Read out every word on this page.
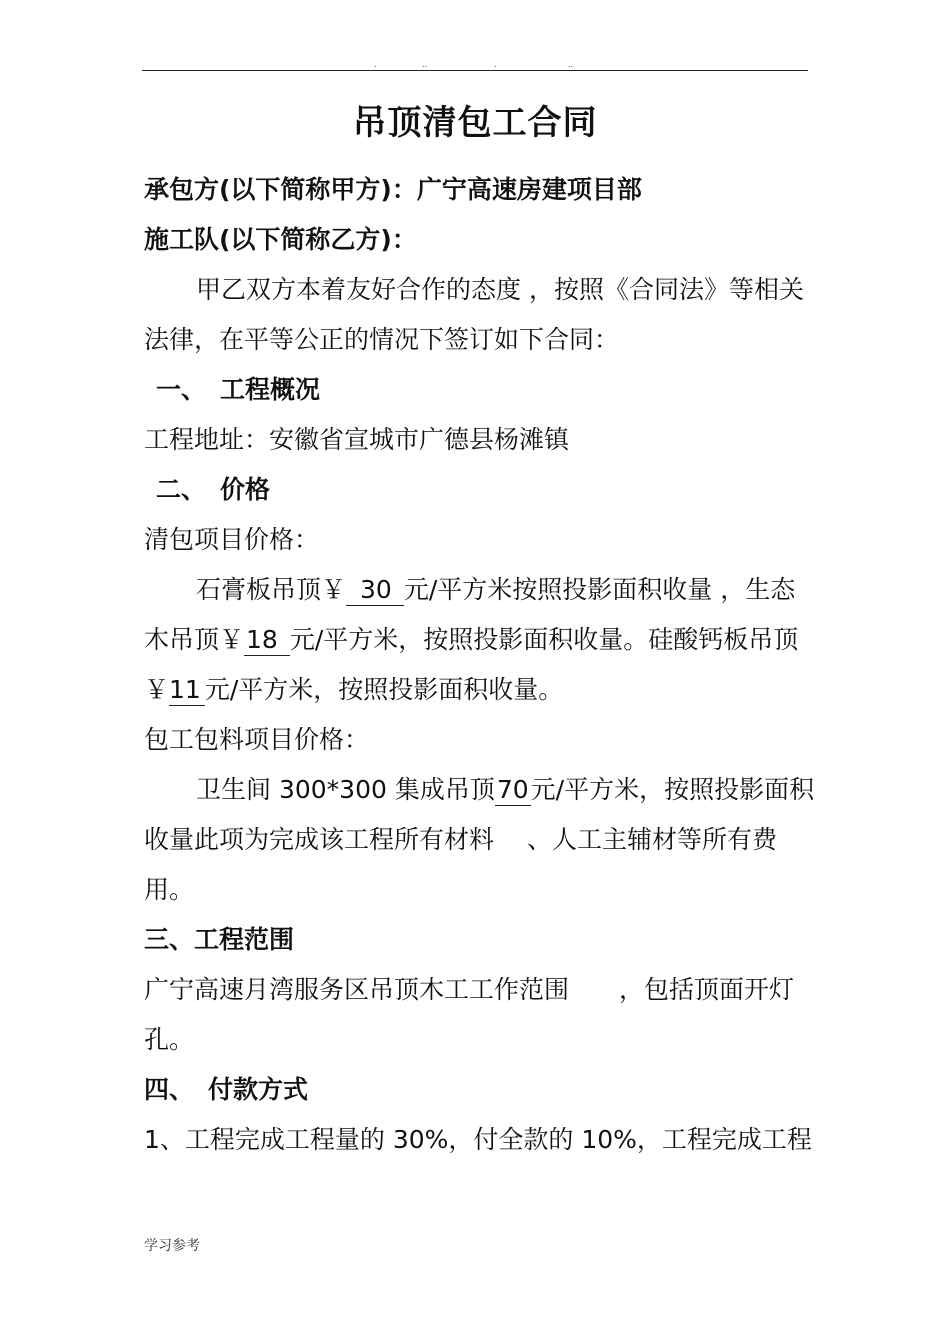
.	..	.	..
吊顶清包工合同
承包方(以下简称甲方)：广宁高速房建项目部
施工队(以下简称乙方)：
甲乙双方本着友好合作的态度 ，按照《合同法》等相关
法律，在平等公正的情况下签订如下合同：
一、 工程概况
工程地址：安徽省宣城市广德县杨滩镇
二、 价格
清包项目价格：
石膏板吊顶￥ 30 元/平方米按照投影面积收量 ，生态
木吊顶￥18 元/平方米，按照投影面积收量。硅酸钙板吊顶
￥11 元/平方米，按照投影面积收量。
包工包料项目价格：
卫生间 300*300 集成吊顶70元/平方米，按照投影面积
收量此项为完成该工程所有材料　 、人工主辅材等所有费
用。
三、工程范围
广宁高速月湾服务区吊顶木工工作范围　　，包括顶面开灯
孔。
四、 付款方式
1、工程完成工程量的 30%，付全款的 10%，工程完成工程
学习参考
